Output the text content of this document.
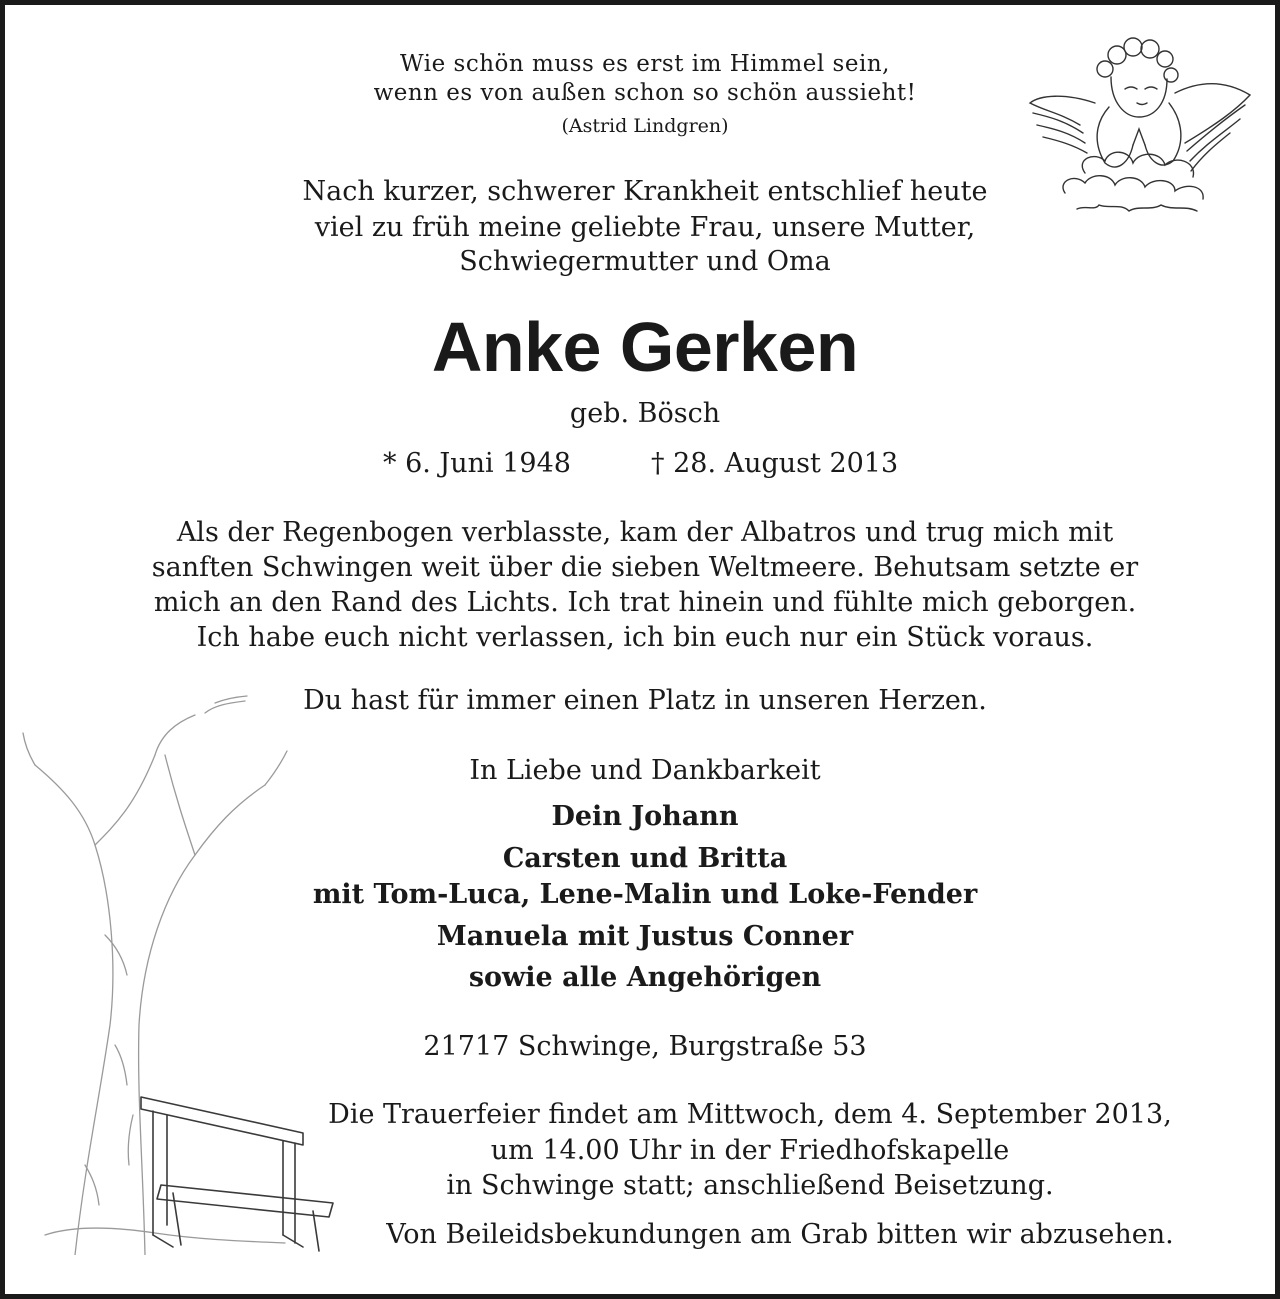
Wie schön muss es erst im Himmel sein,
wenn es von außen schon so schön aussieht!
(Astrid Lindgren)
Nach kurzer, schwerer Krankheit entschlief heute
viel zu früh meine geliebte Frau, unsere Mutter,
Schwiegermutter und Oma
Anke Gerken
geb. Bösch
* 6. Juni 1948	† 28. August 2013
Als der Regenbogen verblasste, kam der Albatros und trug mich mit
sanften Schwingen weit über die sieben Weltmeere. Behutsam setzte er
mich an den Rand des Lichts. Ich trat hinein und fühlte mich geborgen.
Ich habe euch nicht verlassen, ich bin euch nur ein Stück voraus.
Du hast für immer einen Platz in unseren Herzen.
In Liebe und Dankbarkeit
Dein Johann
Carsten und Britta
mit Tom-Luca, Lene-Malin und Loke-Fender
Manuela mit Justus Conner
sowie alle Angehörigen
21717 Schwinge, Burgstraße 53
Die Trauerfeier findet am Mittwoch, dem 4. September 2013,
um 14.00 Uhr in der Friedhofskapelle
in Schwinge statt; anschließend Beisetzung.
Von Beileidsbekundungen am Grab bitten wir abzusehen.
